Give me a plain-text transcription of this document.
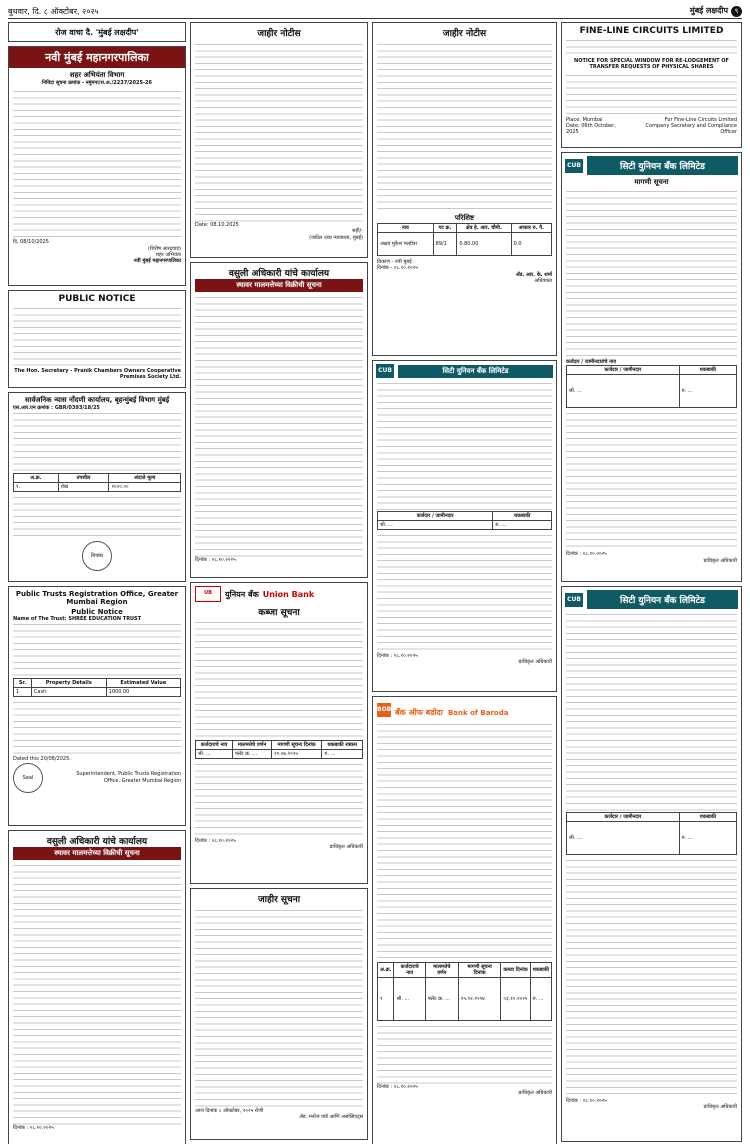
बुधवार, दि. ८ ऑक्टोबर, २०२५	मुंबई लक्षदीप ९
रोज वाचा दै. 'मुंबई लक्षदीप'
नवी मुंबई महानगरपालिका
शहर अभियंता विभाग
निविदा सूचना क्रमांक - नमुंमपा/श.अ./2237/2025-26
दि. 08/10/2025
(शिरीष आरदवाड)
शहर अभियंता
नवी मुंबई महानगरपालिका
PUBLIC NOTICE
The Hon. Secretary - Pranik Chambers Owners Cooperative Premises Society Ltd.
सार्वजनिक न्यास नोंदणी कार्यालय, बृहन्मुंबई विभाग मुंबई
एस.आर.एन क्रमांक : GBR/0393/18/25
अ.क्र.	तपशील	अंदाजे मूल्य
१.	रोख	१०००.००
शिक्का
Public Trusts Registration Office, Greater Mumbai Region
Public Notice
Name of The Trust: SHREE EDUCATION TRUST
Sr.	Property Details	Estimated Value
1	Cash	1000.00
Dated this 20/08/2025.
Seal
Superintendent, Public Trusts Registration Office, Greater Mumbai Region
वसुली अधिकारी यांचे कार्यालय
स्थावर मालमत्तेच्या विक्रीची सूचना
दिनांक : ०८.१०.२०२५
जाहीर नोटीस
Date: 08.10.2025
सही/-
(वकील उच्च न्यायालय, मुंबई)
वसुली अधिकारी यांचे कार्यालय
स्थावर मालमत्तेच्या विक्रीची सूचना
दिनांक : ०८.१०.२०२५
UB	युनियन बँक Union Bank
कब्जा सूचना
कर्जदाराचे नाव	मालमत्तेचे वर्णन	मागणी सूचना दिनांक	थकबाकी रक्कम
श्री. ...	फ्लॅट क्र. ...	२९.०७.२०२५	रु. ...
दिनांक : ०८.१०.२०२५
प्राधिकृत अधिकारी
जाहीर सूचना
आज दिनांक ८ ऑक्टोबर, २०२५ रोजी
ॲड. मनोज पांडे आणि असोसिएट्स
जाहीर नोटीस
परिशिष्ट
नाव	गट क्र.	क्षेत्र हे. आर. चौमी.	आकार रु. पै.
अक्षय मुकेश मल्होत्रा	89/1	0.80.00	0.0
ठिकाण - नवी मुंबई
दिनांक - ०८.१०.२०२५
ॲड. आर. के. शर्मा
अधिवक्ता
CUB	सिटी युनियन बँक लिमिटेड
कर्जदार / जामीनदार	थकबाकी
श्री. ...	रु. ...
दिनांक : ०८.१०.२०२५
प्राधिकृत अधिकारी
BOB बँक ऑफ बडोदा Bank of Baroda
अ.क्र.	कर्जदाराचे नाव	मालमत्तेचे वर्णन	मागणी सूचना दिनांक	कब्जा दिनांक	थकबाकी
१	श्री. ...	फ्लॅट क्र. ...	१५.१२.२०२४	०३.१०.२०२५	रु. ...
दिनांक : ०८.१०.२०२५
प्राधिकृत अधिकारी
FINE-LINE CIRCUITS LIMITED
NOTICE FOR SPECIAL WINDOW FOR RE-LODGEMENT OF TRANSFER REQUESTS OF PHYSICAL SHARES
Place: Mumbai
Date: 06th October, 2025
For Fine-Line Circuits Limited
Company Secretary and Compliance Officer
CUB	सिटी युनियन बँक लिमिटेड
मागणी सूचना
कर्जदार / जामीनदारांचे नाव
कर्जदार / जामीनदार	थकबाकी
श्री. ...	रु. ...
दिनांक : ०८.१०.२०२५
प्राधिकृत अधिकारी
CUB	सिटी युनियन बँक लिमिटेड
कर्जदार / जामीनदार	थकबाकी
श्री. ...	रु. ...
दिनांक : ०८.१०.२०२५
प्राधिकृत अधिकारी
